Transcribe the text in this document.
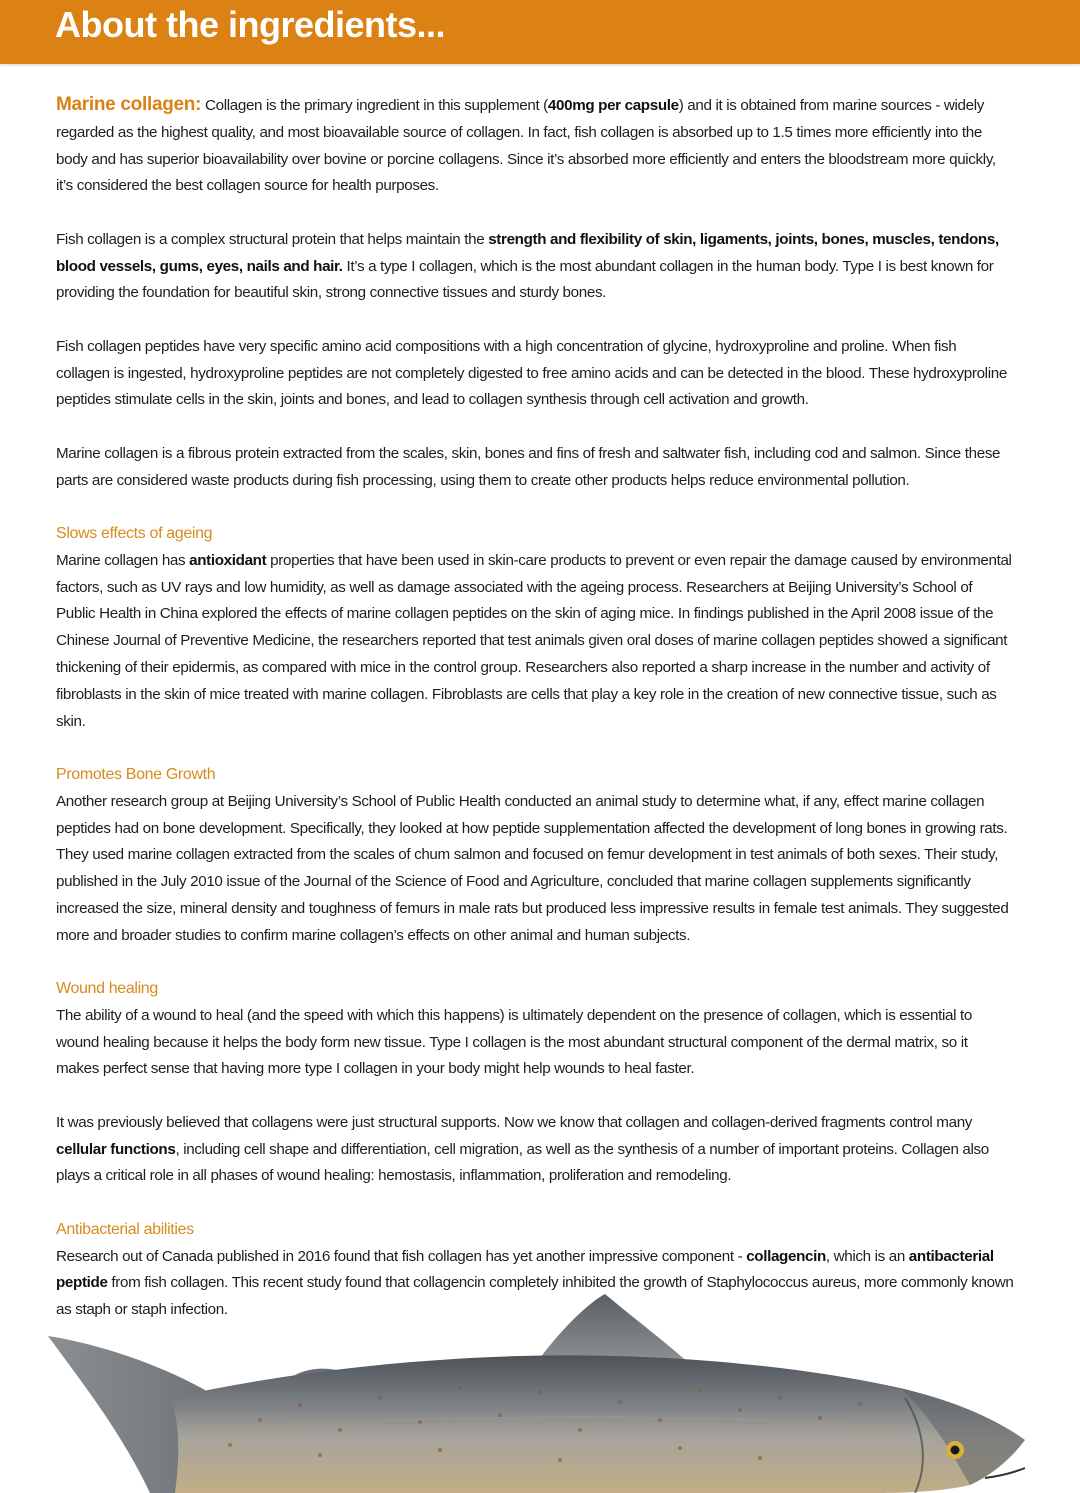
About the ingredients...

Marine collagen: Collagen is the primary ingredient in this supplement (400mg per capsule) and it is obtained from marine sources - widely regarded as the highest quality, and most bioavailable source of collagen. In fact, fish collagen is absorbed up to 1.5 times more efficiently into the body and has superior bioavailability over bovine or porcine collagens. Since it’s absorbed more efficiently and enters the bloodstream more quickly, it’s considered the best collagen source for health purposes.

Fish collagen is a complex structural protein that helps maintain the strength and flexibility of skin, ligaments, joints, bones, muscles, tendons, blood vessels, gums, eyes, nails and hair. It’s a type I collagen, which is the most abundant collagen in the human body. Type I is best known for providing the foundation for beautiful skin, strong connective tissues and sturdy bones.

Fish collagen peptides have very specific amino acid compositions with a high concentration of glycine, hydroxyproline and proline. When fish collagen is ingested, hydroxyproline peptides are not completely digested to free amino acids and can be detected in the blood. These hydroxyproline peptides stimulate cells in the skin, joints and bones, and lead to collagen synthesis through cell activation and growth.

Marine collagen is a fibrous protein extracted from the scales, skin, bones and fins of fresh and saltwater fish, including cod and salmon. Since these parts are considered waste products during fish processing, using them to create other products helps reduce environmental pollution.

Slows effects of ageing

Marine collagen has antioxidant properties that have been used in skin-care products to prevent or even repair the damage caused by environmental factors, such as UV rays and low humidity, as well as damage associated with the ageing process. Researchers at Beijing University’s School of Public Health in China explored the effects of marine collagen peptides on the skin of aging mice. In findings published in the April 2008 issue of the Chinese Journal of Preventive Medicine, the researchers reported that test animals given oral doses of marine collagen peptides showed a significant thickening of their epidermis, as compared with mice in the control group. Researchers also reported a sharp increase in the number and activity of fibroblasts in the skin of mice treated with marine collagen. Fibroblasts are cells that play a key role in the creation of new connective tissue, such as skin.

Promotes Bone Growth

Another research group at Beijing University’s School of Public Health conducted an animal study to determine what, if any, effect marine collagen peptides had on bone development. Specifically, they looked at how peptide supplementation affected the development of long bones in growing rats. They used marine collagen extracted from the scales of chum salmon and focused on femur development in test animals of both sexes. Their study, published in the July 2010 issue of the Journal of the Science of Food and Agriculture, concluded that marine collagen supplements significantly increased the size, mineral density and toughness of femurs in male rats but produced less impressive results in female test animals. They suggested more and broader studies to confirm marine collagen’s effects on other animal and human subjects.

Wound healing

The ability of a wound to heal (and the speed with which this happens) is ultimately dependent on the presence of collagen, which is essential to wound healing because it helps the body form new tissue. Type I collagen is the most abundant structural component of the dermal matrix, so it makes perfect sense that having more type I collagen in your body might help wounds to heal faster.

It was previously believed that collagens were just structural supports. Now we know that collagen and collagen-derived fragments control many cellular functions, including cell shape and differentiation, cell migration, as well as the synthesis of a number of important proteins. Collagen also plays a critical role in all phases of wound healing: hemostasis, inflammation, proliferation and remodeling.

Antibacterial abilities

Research out of Canada published in 2016 found that fish collagen has yet another impressive component - collagencin, which is an antibacterial peptide from fish collagen. This recent study found that collagencin completely inhibited the growth of Staphylococcus aureus, more commonly known as staph or staph infection.
